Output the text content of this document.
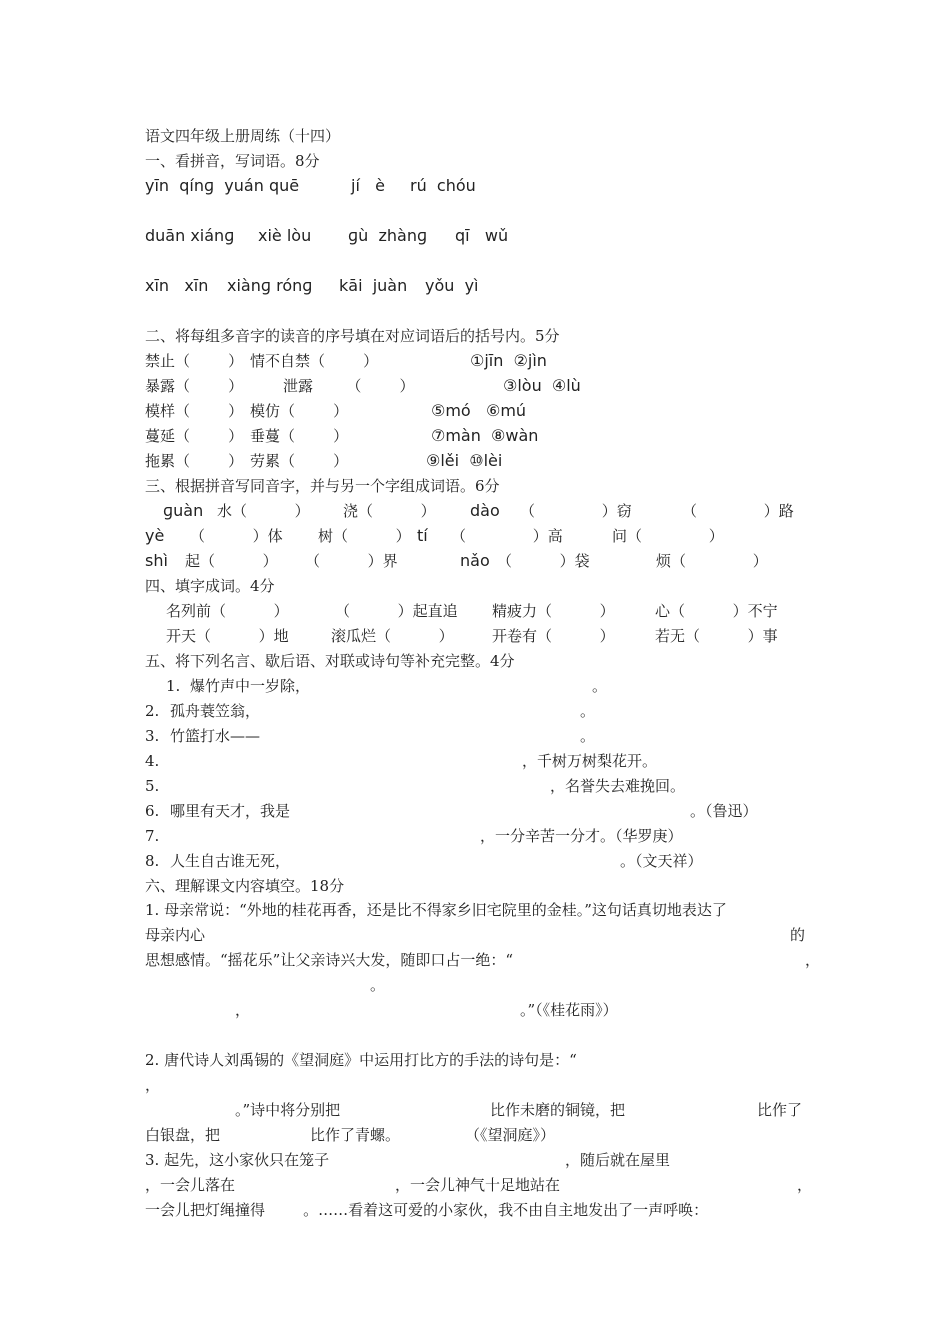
语文四年级上册周练（十四）
一、看拼音，写词语。8分
yīn  qínɡ  yuán quē	jí   è rú  chóu
duān xiánɡ xiè lòu ɡù  zhànɡ qī   wǔ
xīn   xīn xiànɡ rónɡ kāi  juàn yǒu  yì
二、将每组多音字的读音的序号填在对应词语后的括号内。5分
禁止（        ） 情不自禁（        ）	①jīn  ②jìn
暴露（        ）	泄露       （        ）	③lòu  ④lù
模样（        ） 模仿（        ）	⑤mó   ⑥mú
蔓延（        ） 垂蔓（        ）	⑦màn  ⑧wàn
拖累（        ） 劳累（        ）	⑨lěi  ⑩lèi
三、根据拼音写同音字，并与另一个字组成词语。6分
ɡuàn 水（          ） 浇（          ） dào （              ）窃	（              ）路
yè （          ）体 树（          ） tí （              ）高	问（              ）
shì 起（          ） （          ）界	nǎo （          ）袋	烦（              ）
四、填字成词。4分
名列前（          ）	（          ）起直追 精疲力（          ）	心（          ）不宁
开天（          ）地	滚瓜烂（          ）	开卷有（          ）	若无（          ）事
五、将下列名言、歇后语、对联或诗句等补充完整。4分
1. 爆竹声中一岁除，	。
2. 孤舟蓑笠翁，	。
3. 竹篮打水——	。
4.	，千树万树梨花开。
5.	，名誉失去难挽回。
6. 哪里有天才，我是	。（鲁迅）
7.	，一分辛苦一分才。（华罗庚）
8. 人生自古谁无死，	。（文天祥）
六、理解课文内容填空。18分
1. 母亲常说：“外地的桂花再香，还是比不得家乡旧宅院里的金桂。”这句话真切地表达了
母亲内心	的
思想感情。“摇花乐”让父亲诗兴大发，随即口占一绝：“	，
。
，	。”（《桂花雨》）
2. 唐代诗人刘禹锡的《望洞庭》中运用打比方的手法的诗句是：“
，
。”诗中将分别把	比作未磨的铜镜，把	比作了
白银盘，把	比作了青螺。	（《望洞庭》）
3. 起先，这小家伙只在笼子	，随后就在屋里
，一会儿落在	，一会儿神气十足地站在	，
一会儿把灯绳撞得        。……看着这可爱的小家伙，我不由自主地发出了一声呼唤：
